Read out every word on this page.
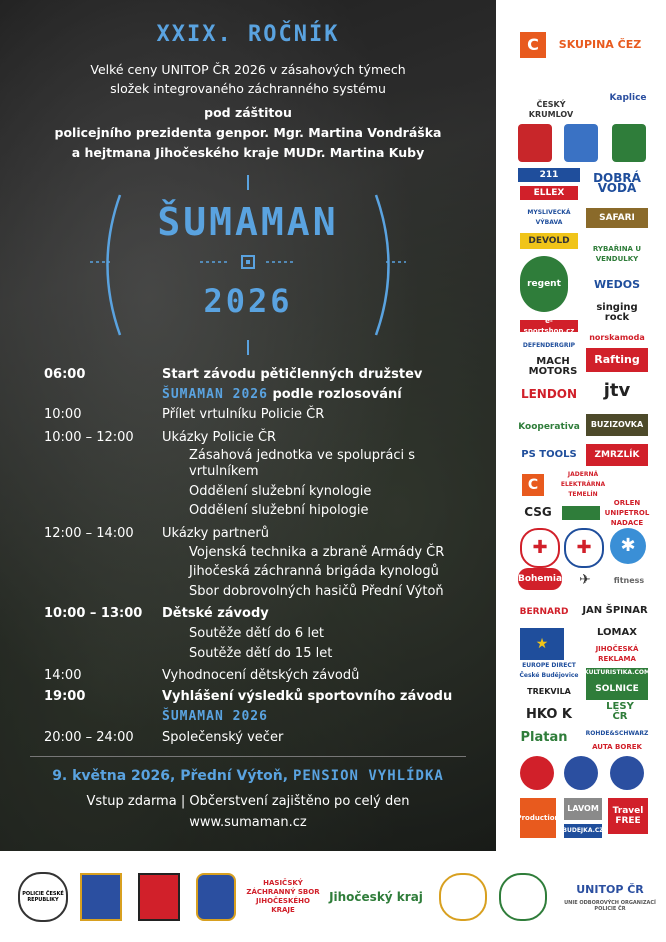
XXIX. ROČNÍK
Velké ceny UNITOP ČR 2026 v zásahových týmech
složek integrovaného záchranného systému
pod záštitou
policejního prezidenta genpor. Mgr. Martina Vondráška
a hejtmana Jihočeského kraje MUDr. Martina Kuby
ŠUMAMAN
2026
06:00	Start závodu pětičlenných družstev
ŠUMAMAN 2026 podle rozlosování
10:00	Přílet vrtulníku Policie ČR
10:00 – 12:00 Ukázky Policie ČR
Zásahová jednotka ve spolupráci s vrtulníkem
Oddělení služební kynologie
Oddělení služební hipologie
12:00 – 14:00 Ukázky partnerů
Vojenská technika a zbraně Armády ČR
Jihočeská záchranná brigáda kynologů
Sbor dobrovolných hasičů Přední Výtoň
10:00 – 13:00 Dětské závody
Soutěže dětí do 6 let
Soutěže dětí do 15 let
14:00	Vyhodnocení dětských závodů
19:00	Vyhlášení výsledků sportovního závodu
ŠUMAMAN 2026
20:00 – 24:00 Společenský večer
9. května 2026, Přední Výtoň, PENSION VYHLÍDKA
Vstup zdarma | Občerstvení zajištěno po celý den
www.sumaman.cz
C	SKUPINA ČEZ
ČESKÝ KRUMLOV
Kaplice
211	DOBRÁ VODA
ELLEX
MYSLIVECKÁ VÝBAVA	SAFARI
DEVOLD
RYBAŘINA U VENDULKY
regent	WEDOS
singing rock
e-sportshop.cz
norskamoda
DEFENDERGRIP
MACH MOTORS
Rafting
LENDON	jtv
Kooperativa	BUZIZOVKA
PS TOOLS	ZMRZLÍK
C
JADERNÁ ELEKTRÁRNA TEMELÍN
CSG
ORLEN UNIPETROL NADACE
✚	✚	✱
Bohemia	✈	fitness
BERNARD JAN ŠPINAR
★
LOMAX
JIHOČESKÁ REKLAMA
EUROPE DIRECT České Budějovice KULTURISTIKA.COM
TREKVILA	SOLNICE
HKO K
LESY ČR
Platan	ROHDE&SCHWARZ
AUTA BOREK
Production
LAVOM
BUDEJKA.CZ
Travel FREE
POLICIE ČESKÉ REPUBLIKY
HASIČSKÝ ZÁCHRANNÝ SBOR JIHOČESKÉHO KRAJE
Jihočeský kraj
UNITOP ČR
UNIE ODBOROVÝCH ORGANIZACÍ POLICIE ČR
